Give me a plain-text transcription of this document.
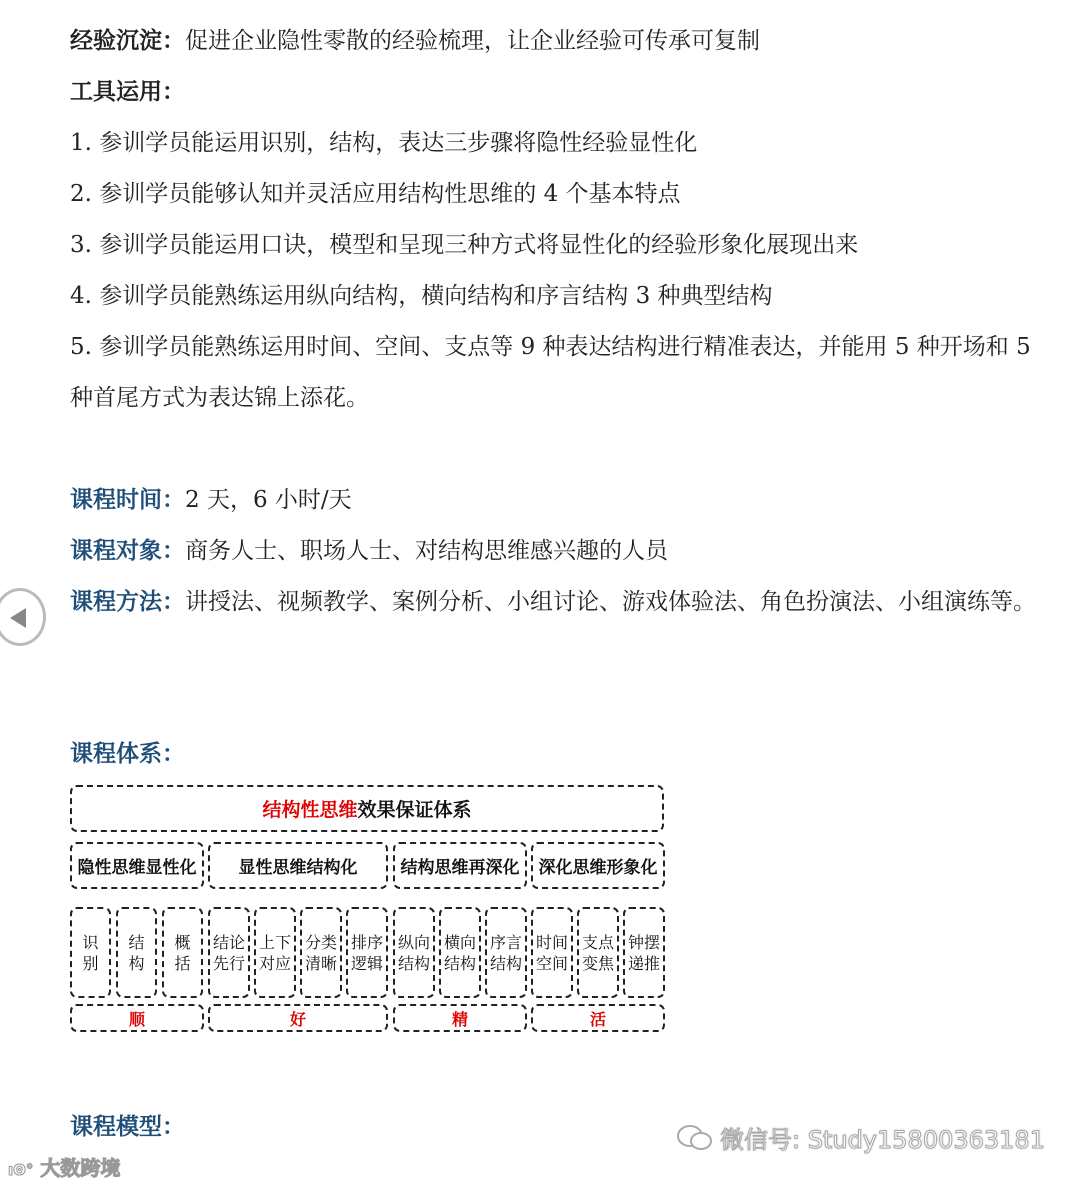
经验沉淀：促进企业隐性零散的经验梳理，让企业经验可传承可复制
工具运用：
1. 参训学员能运用识别，结构，表达三步骤将隐性经验显性化
2. 参训学员能够认知并灵活应用结构性思维的 4 个基本特点
3. 参训学员能运用口诀，模型和呈现三种方式将显性化的经验形象化展现出来
4. 参训学员能熟练运用纵向结构，横向结构和序言结构 3 种典型结构
5. 参训学员能熟练运用时间、空间、支点等 9 种表达结构进行精准表达，并能用 5 种开场和 5 种首尾方式为表达锦上添花。
课程时间：2 天，6 小时/天
课程对象：商务人士、职场人士、对结构思维感兴趣的人员
课程方法：讲授法、视频教学、案例分析、小组讨论、游戏体验法、角色扮演法、小组演练等。
课程体系：
结构性思维 效果保证体系
隐性思维显性化	显性思维结构化	结构思维再深化	深化思维形象化
识
别
结
构
概
括
结论
先行
上下
对应
分类
清晰
排序
逻辑
纵向
结构
横向
结构
序言
结构
时间
空间
支点
变焦
钟摆
递推
顺	好	精	活
课程模型：
ıʘ° 大数跨境
微信号: Study15800363181
